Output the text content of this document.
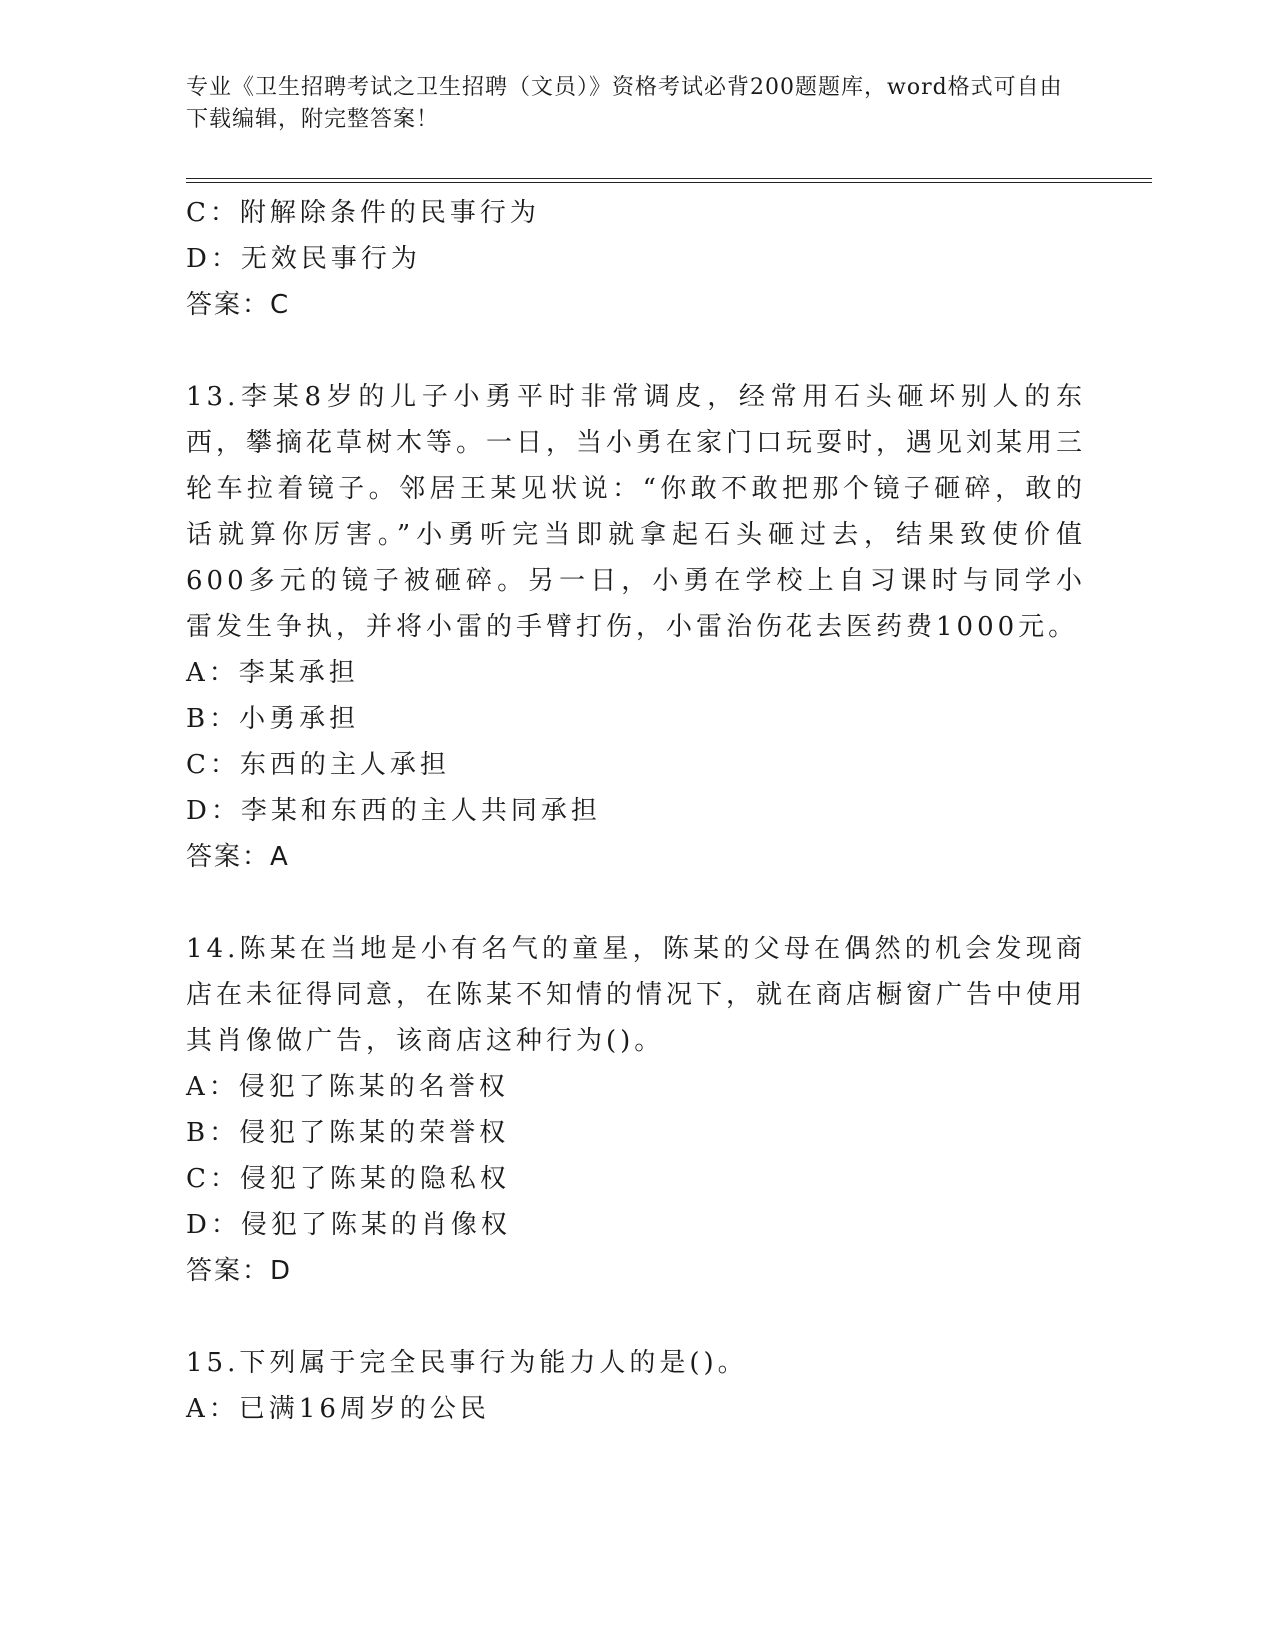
专业《卫生招聘考试之卫生招聘（文员）》资格考试必背200题题库，word格式可自由下载编辑，附完整答案！
C：附解除条件的民事行为
D：无效民事行为
答案：C
13.李某8岁的儿子小勇平时非常调皮，经常用石头砸坏别人的东西，攀摘花草树木等。一日，当小勇在家门口玩耍时，遇见刘某用三轮车拉着镜子。邻居王某见状说：“你敢不敢把那个镜子砸碎，敢的话就算你厉害。”小勇听完当即就拿起石头砸过去，结果致使价值600多元的镜子被砸碎。另一日，小勇在学校上自习课时与同学小雷发生争执，并将小雷的手臂打伤，小雷治伤花去医药费1000元。
A：李某承担
B：小勇承担
C：东西的主人承担
D：李某和东西的主人共同承担
答案：A
14.陈某在当地是小有名气的童星，陈某的父母在偶然的机会发现商店在未征得同意，在陈某不知情的情况下，就在商店橱窗广告中使用其肖像做广告，该商店这种行为()。
A：侵犯了陈某的名誉权
B：侵犯了陈某的荣誉权
C：侵犯了陈某的隐私权
D：侵犯了陈某的肖像权
答案：D
15.下列属于完全民事行为能力人的是()。
A：已满16周岁的公民
